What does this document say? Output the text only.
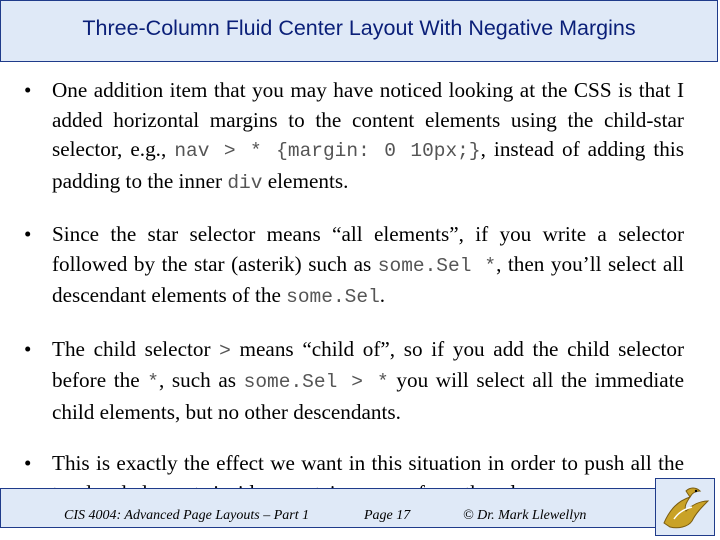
Three-Column Fluid Center Layout With Negative Margins
• One addition item that you may have noticed looking at the CSS is that I added horizontal margins to the content elements using the child-star selector, e.g., nav > * {margin: 0 10px;}, instead of adding this padding to the inner div elements.
• Since the star selector means “all elements”, if you write a selector followed by the star (asterik) such as some.Sel *, then you’ll select all descendant elements of the some.Sel.
• The child selector > means “child of”, so if you add the child selector before the *, such as some.Sel > * you will select all the immediate child elements, but no other descendants.
• This is exactly the effect we want in this situation in order to push all the
CIS 4004: Advanced Page Layouts – Part 1	Page 17	© Dr. Mark Llewellyn
